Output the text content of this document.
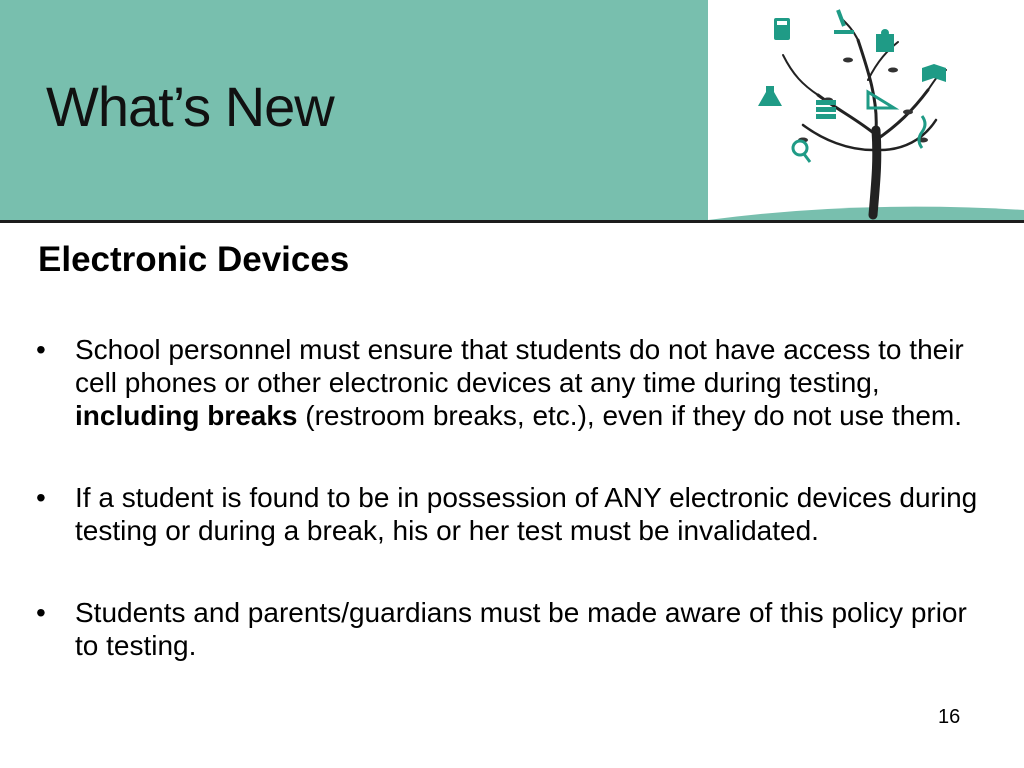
What’s New
Electronic Devices
• School personnel must ensure that students do not have access to their cell phones or other electronic devices at any time during testing, including breaks (restroom breaks, etc.), even if they do not use them.
• If a student is found to be in possession of ANY electronic devices during testing or during a break, his or her test must be invalidated.
• Students and parents/guardians must be made aware of this policy prior to testing.
16
